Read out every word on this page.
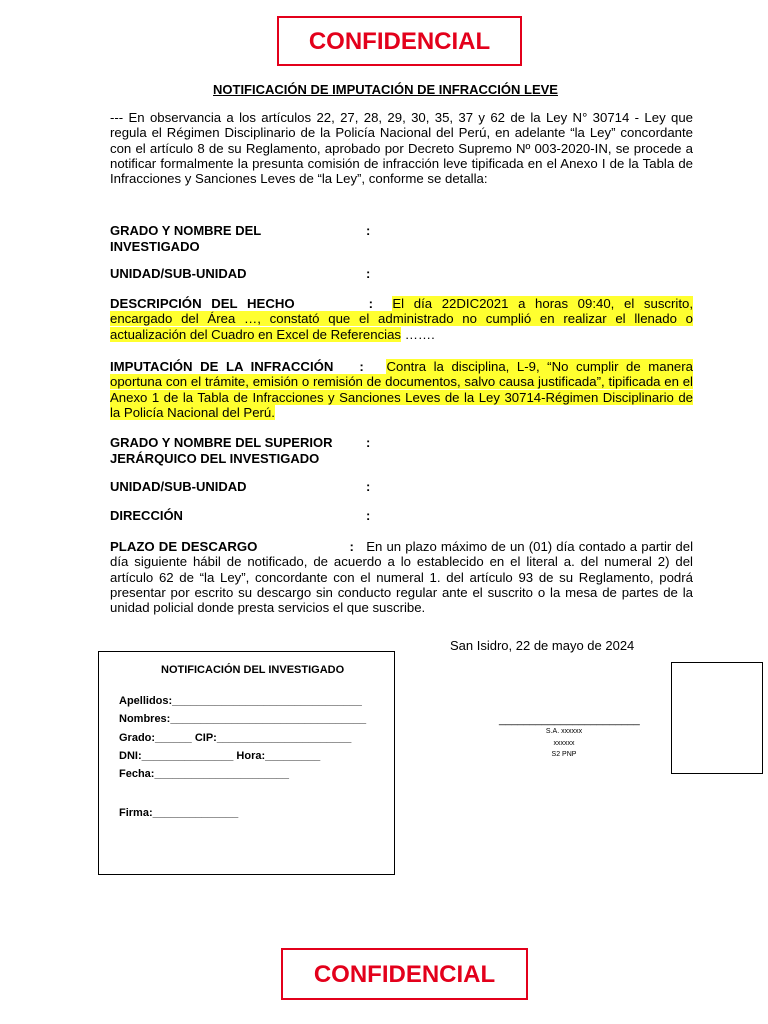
CONFIDENCIAL
NOTIFICACIÓN DE IMPUTACIÓN DE INFRACCIÓN LEVE
--- En observancia a los artículos 22, 27, 28, 29, 30, 35, 37 y 62 de la Ley N° 30714 - Ley que regula el Régimen Disciplinario de la Policía Nacional del Perú, en adelante “la Ley” concordante con el artículo 8 de su Reglamento, aprobado por Decreto Supremo Nº 003-2020-IN, se procede a notificar formalmente la presunta comisión de infracción leve tipificada en el Anexo I de la Tabla de Infracciones y Sanciones Leves de “la Ley”, conforme se detalla:
GRADO Y NOMBRE DEL
INVESTIGADO
:
UNIDAD/SUB-UNIDAD	:
DESCRIPCIÓN DEL HECHO	: El día 22DIC2021 a horas 09:40, el suscrito, encargado del Área …, constató que el administrado no cumplió en realizar el llenado o actualización del Cuadro en Excel de Referencias …….
IMPUTACIÓN DE LA INFRACCIÓN : Contra la disciplina, L-9, “No cumplir de manera oportuna con el trámite, emisión o remisión de documentos, salvo causa justificada”, tipificada en el Anexo 1 de la Tabla de Infracciones y Sanciones Leves de la Ley 30714-Régimen Disciplinario de la Policía Nacional del Perú.
GRADO Y NOMBRE DEL SUPERIOR
JERÁRQUICO DEL INVESTIGADO
:
UNIDAD/SUB-UNIDAD	:
DIRECCIÓN	:
PLAZO DE DESCARGO	: En un plazo máximo de un (01) día contado a partir del día siguiente hábil de notificado, de acuerdo a lo establecido en el literal a. del numeral 2) del artículo 62 de “la Ley”, concordante con el numeral 1. del artículo 93 de su Reglamento, podrá presentar por escrito su descargo sin conducto regular ante el suscrito o la mesa de partes de la unidad policial donde presta servicios el que suscribe.
San Isidro, 22 de mayo de 2024
NOTIFICACIÓN DEL INVESTIGADO
Apellidos:_______________________________
Nombres:________________________________
Grado:______ CIP:______________________
DNI:_______________ Hora:_________
Fecha:______________________
Firma:______________
_______________________
S.A. xxxxxx
xxxxxx
S2 PNP
CONFIDENCIAL
